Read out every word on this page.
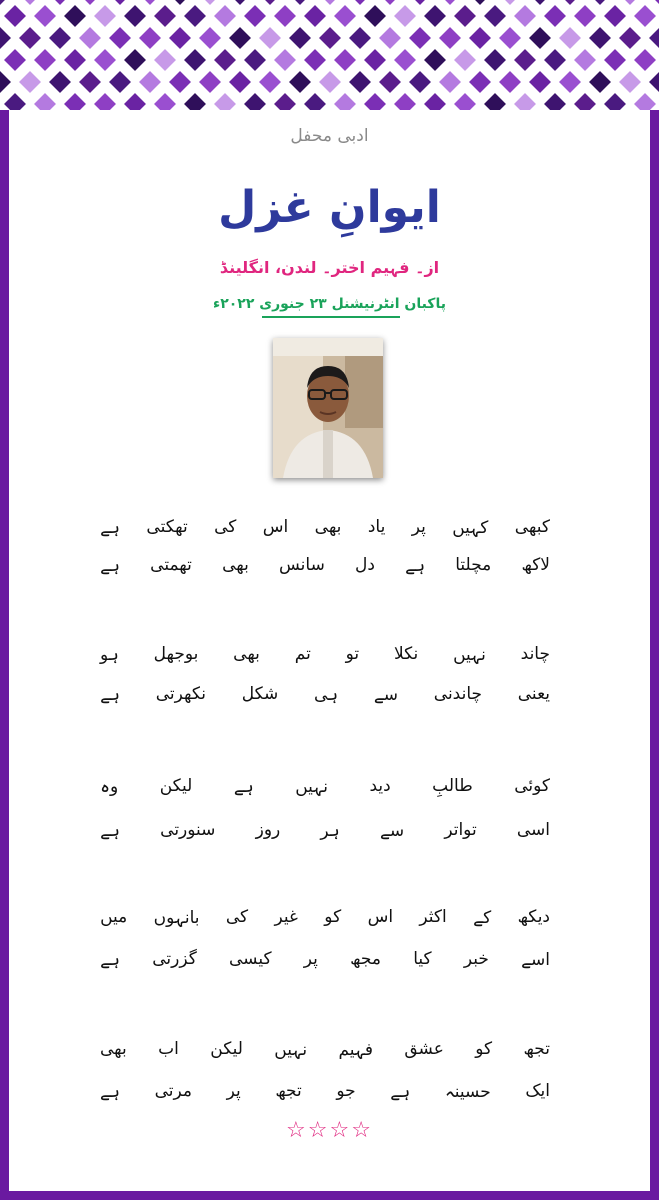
ادبی محفل
ایوانِ غزل
از۔ فہیم اختر۔ لندن، انگلینڈ
پاکبان انٹرنیشنل ۲۳ جنوری ۲۰۲۲ء
کبھی
کہیں
پر
یاد
بھی
اس
کی
تھکتی
ہے
لاکھ
مچلتا
ہے
دل
سانس
بھی
تھمتی
ہے
چاند
نہیں
نکلا
تو
تم
بھی
بوجھل
ہو
یعنی
چاندنی
سے
ہی
شکل
نکھرتی
ہے
کوئی
طالبِ
دید
نہیں
ہے
لیکن
وہ
اسی
تواتر
سے
ہر
روز
سنورتی
ہے
دیکھ
کے
اکثر
اس
کو
غیر
کی
بانہوں
میں
اسے
خبر
کیا
مجھ
پر
کیسی
گزرتی
ہے
تجھ
کو
عشق
فہیم
نہیں
لیکن
اب
بھی
ایک
حسینہ
ہے
جو
تجھ
پر
مرتی
ہے
☆☆☆☆
